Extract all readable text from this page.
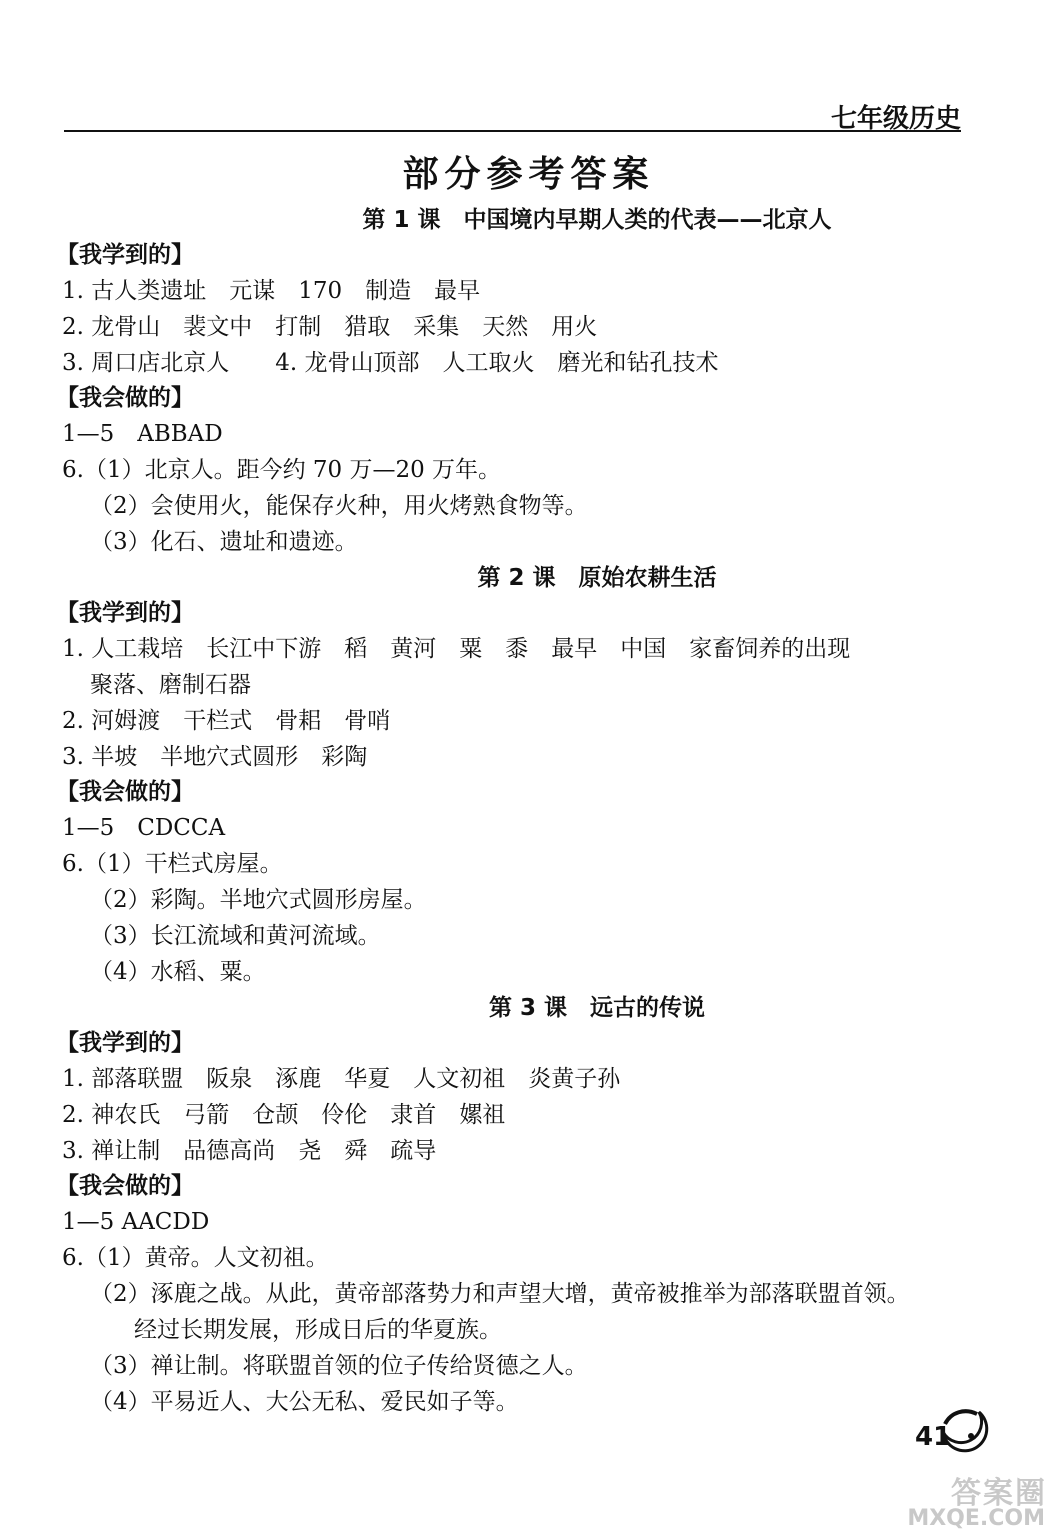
七年级历史
部分参考答案
第 1 课　中国境内早期人类的代表——北京人
【我学到的】
1. 古人类遗址　元谋　170　制造　最早
2. 龙骨山　裴文中　打制　猎取　采集　天然　用火
3. 周口店北京人　　4. 龙骨山顶部　人工取火　磨光和钻孔技术
【我会做的】
1—5　ABBAD
6.（1）北京人。距今约 70 万—20 万年。
（2）会使用火，能保存火种，用火烤熟食物等。
（3）化石、遗址和遗迹。
第 2 课　原始农耕生活
【我学到的】
1. 人工栽培　长江中下游　稻　黄河　粟　黍　最早　中国　家畜饲养的出现
聚落、磨制石器
2. 河姆渡　干栏式　骨耜　骨哨
3. 半坡　半地穴式圆形　彩陶
【我会做的】
1—5　CDCCA
6.（1）干栏式房屋。
（2）彩陶。半地穴式圆形房屋。
（3）长江流域和黄河流域。
（4）水稻、粟。
第 3 课　远古的传说
【我学到的】
1. 部落联盟　阪泉　涿鹿　华夏　人文初祖　炎黄子孙
2. 神农氏　弓箭　仓颉　伶伦　隶首　嫘祖
3. 禅让制　品德高尚　尧　舜　疏导
【我会做的】
1—5 AACDD
6.（1）黄帝。人文初祖。
（2）涿鹿之战。从此，黄帝部落势力和声望大增，黄帝被推举为部落联盟首领。
经过长期发展，形成日后的华夏族。
（3）禅让制。将联盟首领的位子传给贤德之人。
（4）平易近人、大公无私、爱民如子等。
41
答案圈
MXQE.COM
